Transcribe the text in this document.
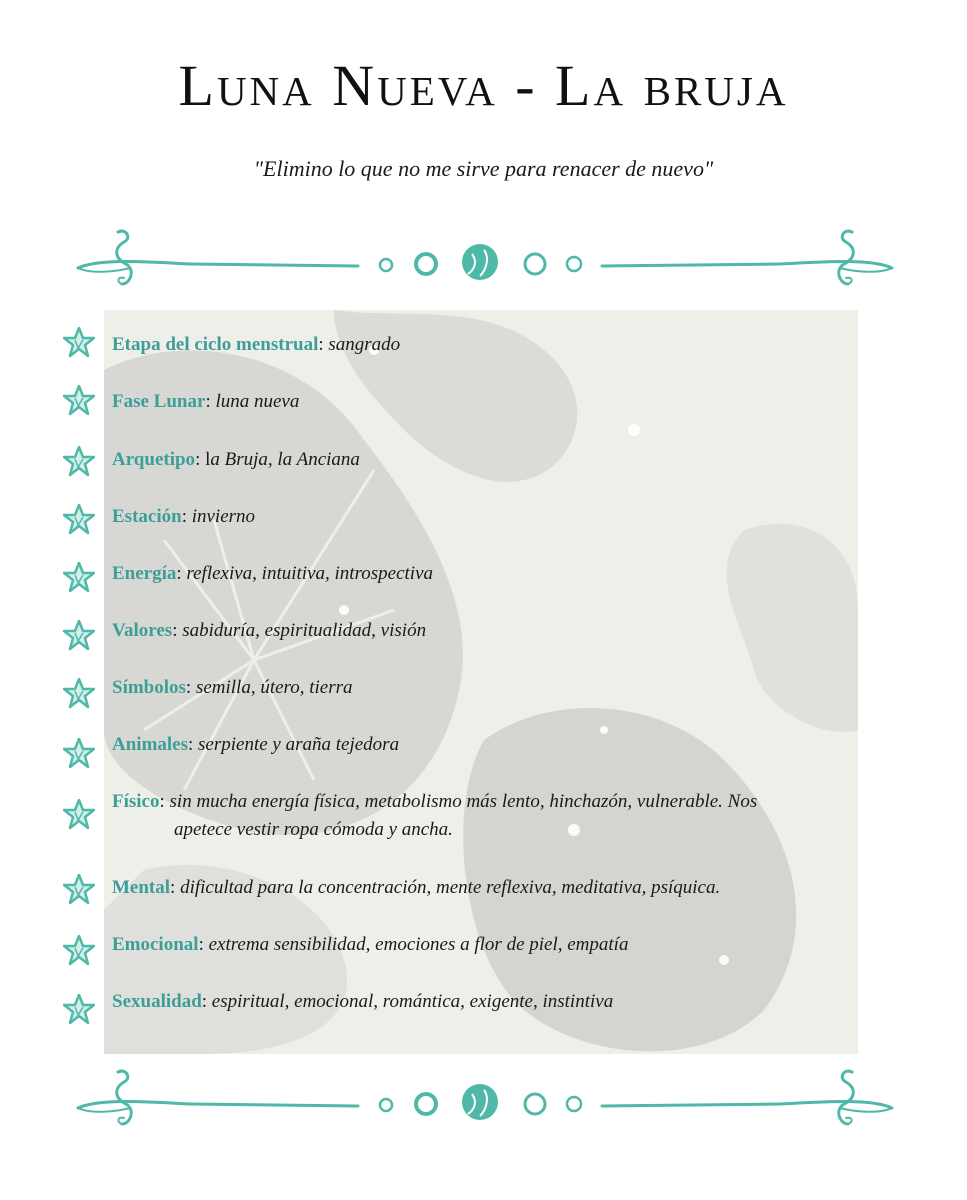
Luna Nueva - La bruja

"Elimino lo que no me sirve para renacer de nuevo"

Etapa del ciclo menstrual: sangrado
Fase Lunar: luna nueva
Arquetipo: la Bruja, la Anciana
Estación: invierno
Energía: reflexiva, intuitiva, introspectiva
Valores: sabiduría, espiritualidad, visión
Símbolos: semilla, útero, tierra
Animales: serpiente y araña tejedora
Físico: sin mucha energía física, metabolismo más lento, hinchazón, vulnerable. Nos
apetece vestir ropa cómoda y ancha.
Mental: dificultad para la concentración, mente reflexiva, meditativa, psíquica.
Emocional: extrema sensibilidad, emociones a flor de piel, empatía
Sexualidad: espiritual, emocional, romántica, exigente, instintiva
